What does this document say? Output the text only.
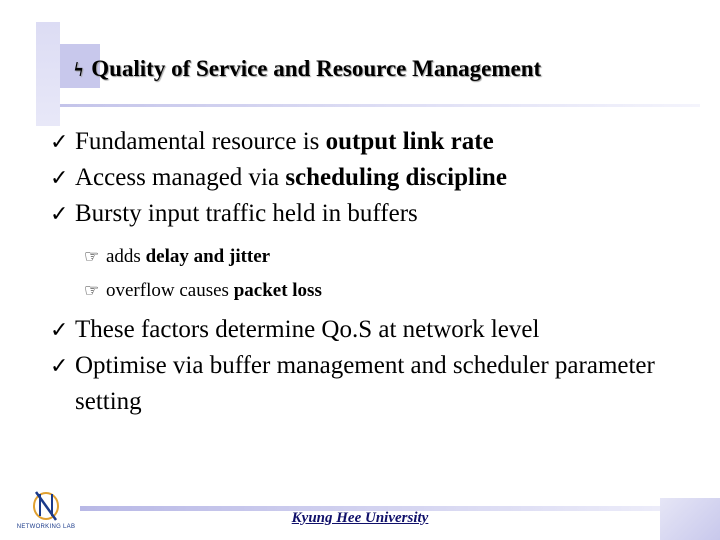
ϟ Quality of Service and Resource Management
✓ Fundamental resource is output link rate
✓ Access managed via scheduling discipline
✓ Bursty input traffic held in buffers
☞ adds delay and jitter
☞ overflow causes packet loss
✓ These factors determine Qo.S at network level
✓ Optimise via buffer management and scheduler parameter setting
NETWORKING LAB
Kyung Hee University
